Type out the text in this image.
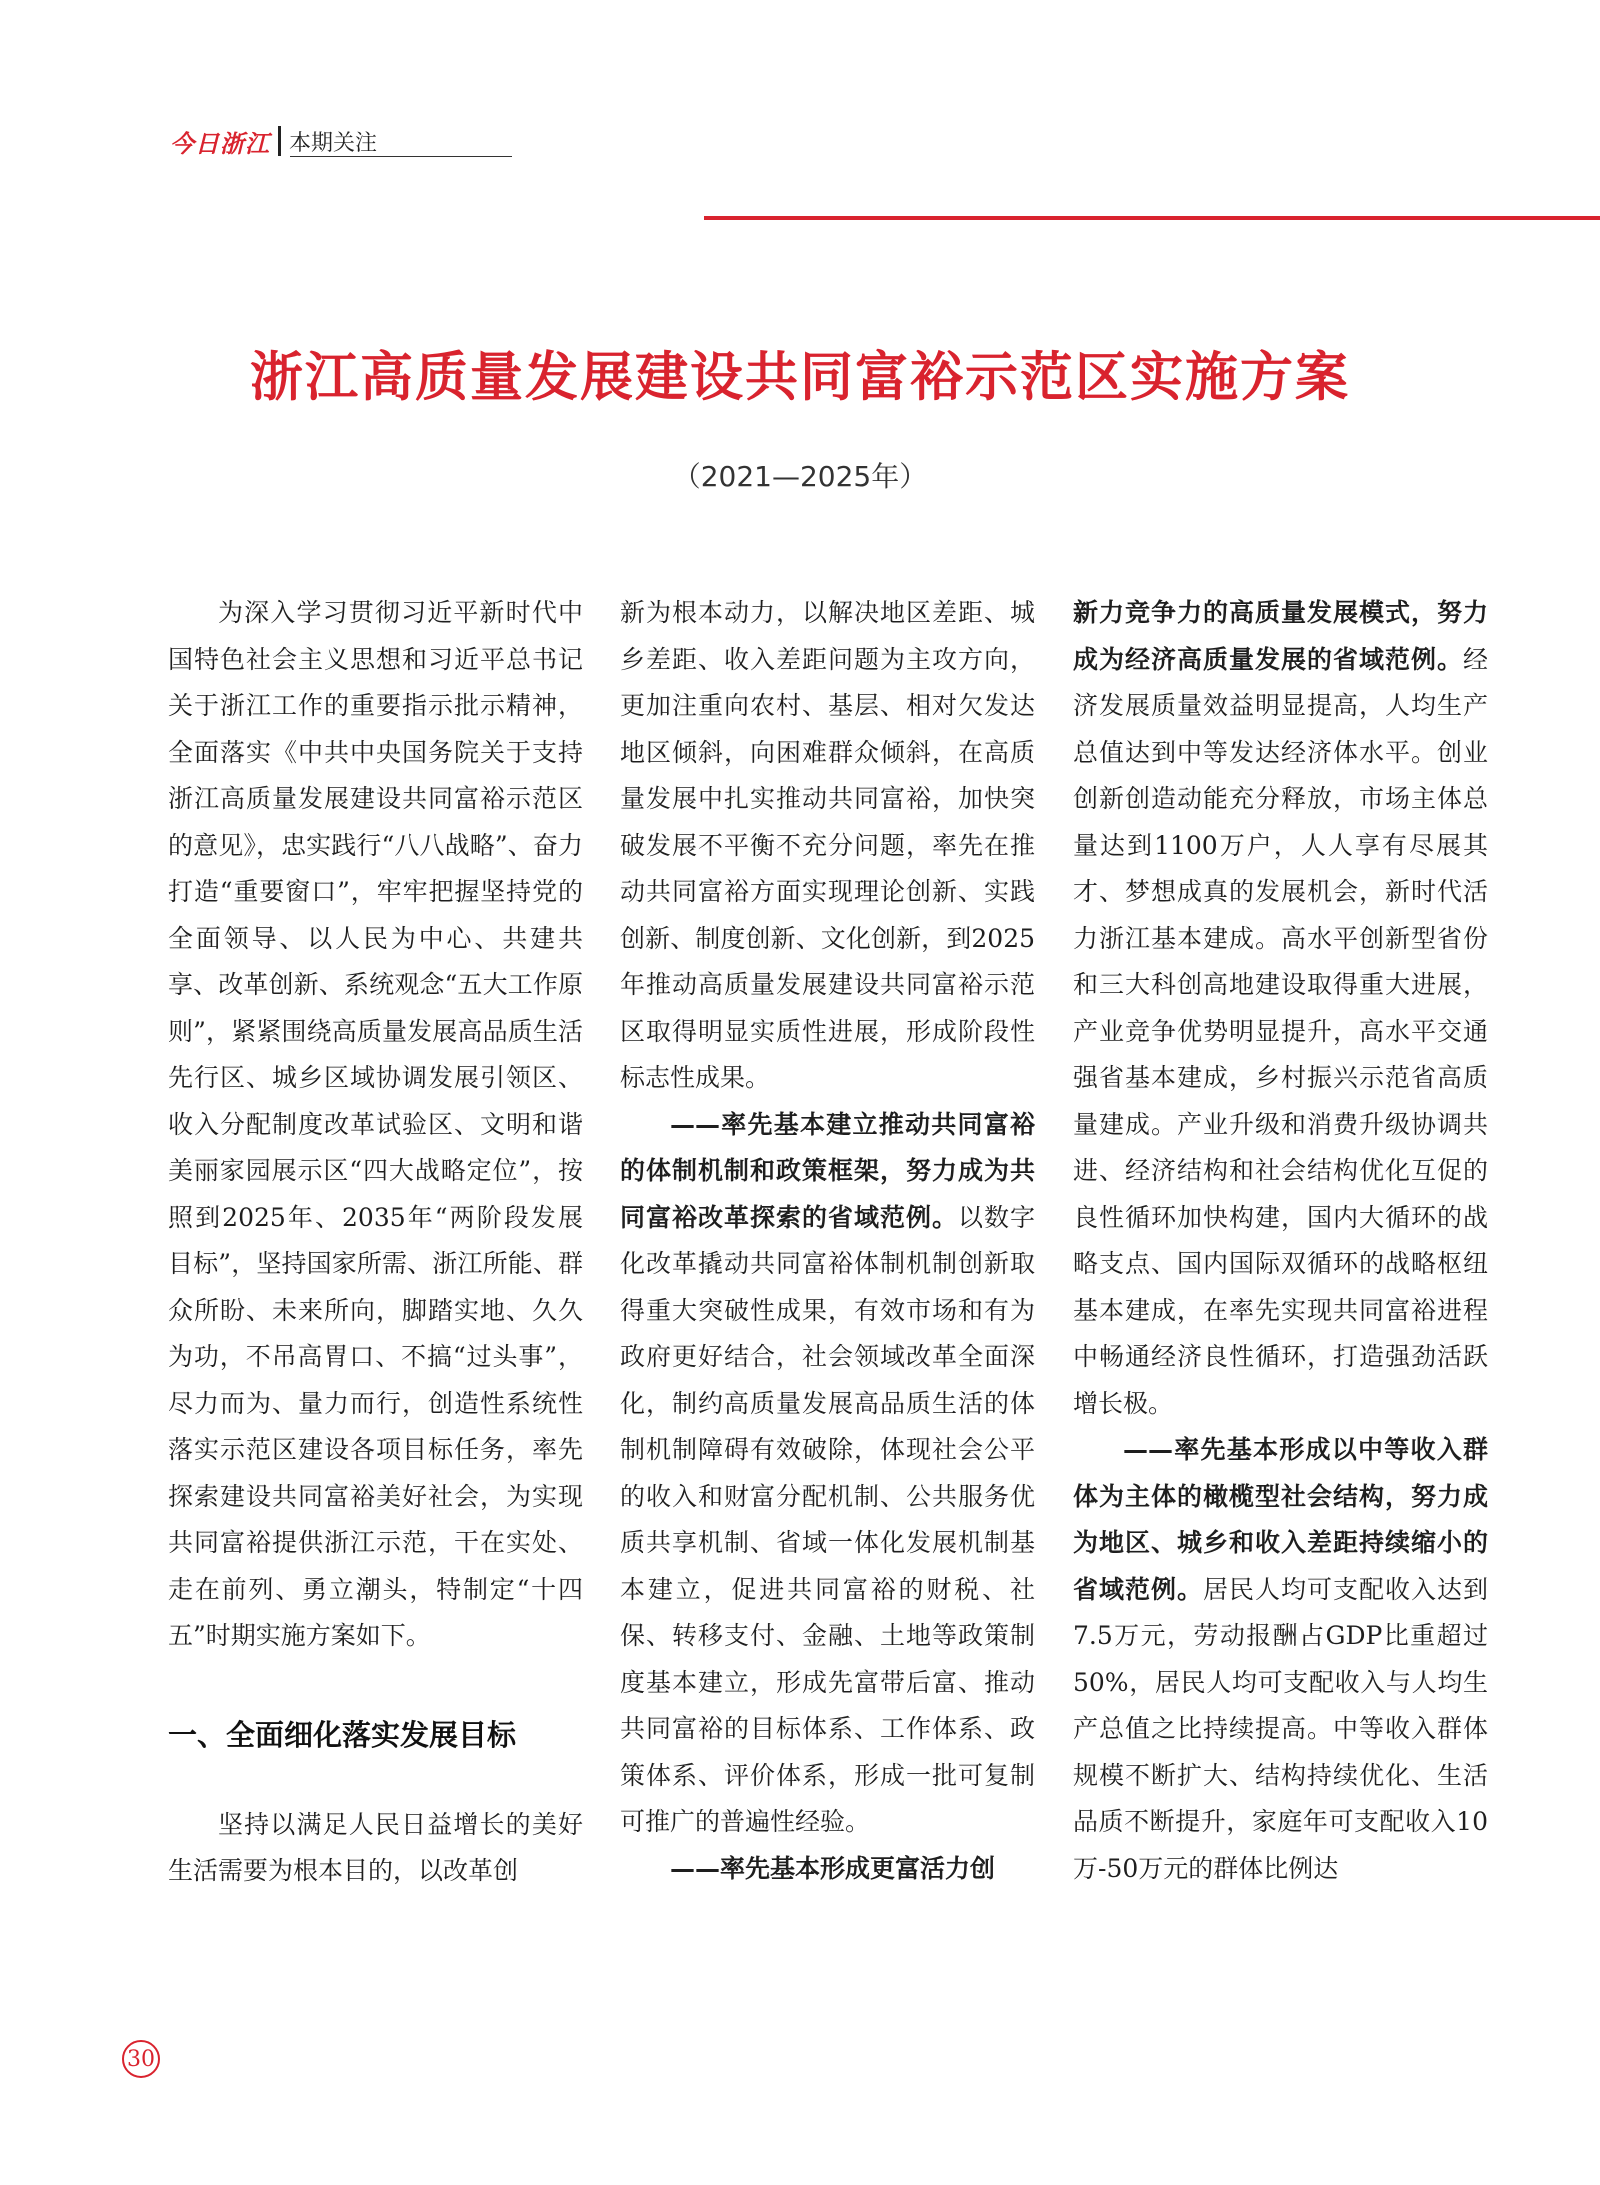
今日浙江 本期关注
浙江高质量发展建设共同富裕示范区实施方案
（2021—2025年）

为深入学习贯彻习近平新时代中国特色社会主义思想和习近平总书记关于浙江工作的重要指示批示精神，全面落实《中共中央国务院关于支持浙江高质量发展建设共同富裕示范区的意见》，忠实践行“八八战略”、奋力打造“重要窗口”，牢牢把握坚持党的全面领导、以人民为中心、共建共享、改革创新、系统观念“五大工作原则”，紧紧围绕高质量发展高品质生活先行区、城乡区域协调发展引领区、收入分配制度改革试验区、文明和谐美丽家园展示区“四大战略定位”，按照到2025年、2035年“两阶段发展目标”，坚持国家所需、浙江所能、群众所盼、未来所向，脚踏实地、久久为功，不吊高胃口、不搞“过头事”，尽力而为、量力而行，创造性系统性落实示范区建设各项目标任务，率先探索建设共同富裕美好社会，为实现共同富裕提供浙江示范，干在实处、走在前列、勇立潮头，特制定“十四五”时期实施方案如下。

一、全面细化落实发展目标

坚持以满足人民日益增长的美好生活需要为根本目的，以改革创

新为根本动力，以解决地区差距、城乡差距、收入差距问题为主攻方向，更加注重向农村、基层、相对欠发达地区倾斜，向困难群众倾斜，在高质量发展中扎实推动共同富裕，加快突破发展不平衡不充分问题，率先在推动共同富裕方面实现理论创新、实践创新、制度创新、文化创新，到2025年推动高质量发展建设共同富裕示范区取得明显实质性进展，形成阶段性标志性成果。

——率先基本建立推动共同富裕的体制机制和政策框架，努力成为共同富裕改革探索的省域范例。以数字化改革撬动共同富裕体制机制创新取得重大突破性成果，有效市场和有为政府更好结合，社会领域改革全面深化，制约高质量发展高品质生活的体制机制障碍有效破除，体现社会公平的收入和财富分配机制、公共服务优质共享机制、省域一体化发展机制基本建立，促进共同富裕的财税、社保、转移支付、金融、土地等政策制度基本建立，形成先富带后富、推动共同富裕的目标体系、工作体系、政策体系、评价体系，形成一批可复制可推广的普遍性经验。

——率先基本形成更富活力创

新力竞争力的高质量发展模式，努力成为经济高质量发展的省域范例。经济发展质量效益明显提高，人均生产总值达到中等发达经济体水平。创业创新创造动能充分释放，市场主体总量达到1100万户，人人享有尽展其才、梦想成真的发展机会，新时代活力浙江基本建成。高水平创新型省份和三大科创高地建设取得重大进展，产业竞争优势明显提升，高水平交通强省基本建成，乡村振兴示范省高质量建成。产业升级和消费升级协调共进、经济结构和社会结构优化互促的良性循环加快构建，国内大循环的战略支点、国内国际双循环的战略枢纽基本建成，在率先实现共同富裕进程中畅通经济良性循环，打造强劲活跃增长极。

——率先基本形成以中等收入群体为主体的橄榄型社会结构，努力成为地区、城乡和收入差距持续缩小的省域范例。居民人均可支配收入达到7.5万元，劳动报酬占GDP比重超过50%，居民人均可支配收入与人均生产总值之比持续提高。中等收入群体规模不断扩大、结构持续优化、生活品质不断提升，家庭年可支配收入10万-50万元的群体比例达

30
